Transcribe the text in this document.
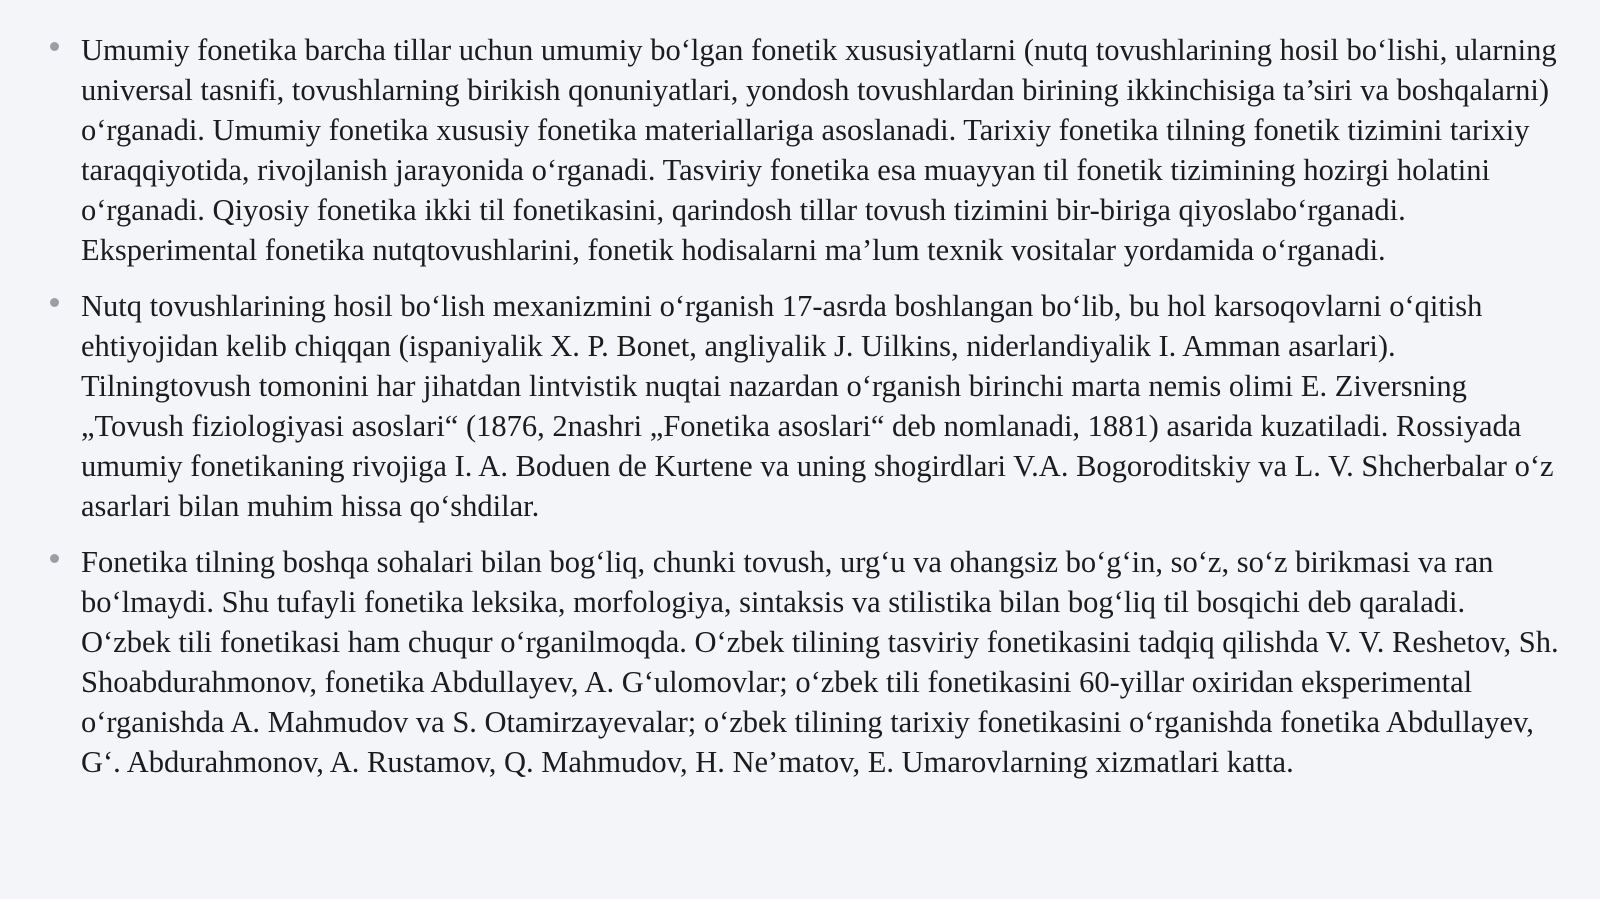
Umumiy fonetika barcha tillar uchun umumiy bo‘lgan fonetik xususiyatlarni (nutq tovushlarining hosil bo‘lishi, ularning universal tasnifi, tovushlarning birikish qonuniyatlari, yondosh tovushlardan birining ikkinchisiga ta’siri va boshqalarni) o‘rganadi. Umumiy fonetika xususiy fonetika materiallariga asoslanadi. Tarixiy fonetika tilning fonetik tizimini tarixiy taraqqiyotida, rivojlanish jarayonida o‘rganadi. Tasviriy fonetika esa muayyan til fonetik tizimining hozirgi holatini o‘rganadi. Qiyosiy fonetika ikki til fonetikasini, qarindosh tillar tovush tizimini bir-biriga qiyoslabo‘rganadi. Eksperimental fonetika nutqtovushlarini, fonetik hodisalarni ma’lum texnik vositalar yordamida o‘rganadi.

Nutq tovushlarining hosil bo‘lish mexanizmini o‘rganish 17-asrda boshlangan bo‘lib, bu hol karsoqovlarni o‘qitish ehtiyojidan kelib chiqqan (ispaniyalik X. P. Bonet, angliyalik J. Uilkins, niderlandiyalik I. Amman asarlari). Tilningtovush tomonini har jihatdan lintvistik nuqtai nazardan o‘rganish birinchi marta nemis olimi E. Ziversning „Tovush fiziologiyasi asoslari“ (1876, 2nashri „Fonetika asoslari“ deb nomlanadi, 1881) asarida kuzatiladi. Rossiyada umumiy fonetikaning rivojiga I. A. Boduen de Kurtene va uning shogirdlari V.A. Bogoroditskiy va L. V. Shcherbalar o‘z asarlari bilan muhim hissa qo‘shdilar.

Fonetika tilning boshqa sohalari bilan bog‘liq, chunki tovush, urg‘u va ohangsiz bo‘g‘in, so‘z, so‘z birikmasi va ran bo‘lmaydi. Shu tufayli fonetika leksika, morfologiya, sintaksis va stilistika bilan bog‘liq til bosqichi deb qaraladi. O‘zbek tili fonetikasi ham chuqur o‘rganilmoqda. O‘zbek tilining tasviriy fonetikasini tadqiq qilishda V. V. Reshetov, Sh. Shoabdurahmonov, fonetika Abdullayev, A. G‘ulomovlar; o‘zbek tili fonetikasini 60-yillar oxiridan eksperimental o‘rganishda A. Mahmudov va S. Otamirzayevalar; o‘zbek tilining tarixiy fonetikasini o‘rganishda fonetika Abdullayev, G‘. Abdurahmonov, A. Rustamov, Q. Mahmudov, H. Ne’matov, E. Umarovlarning xizmatlari katta.
